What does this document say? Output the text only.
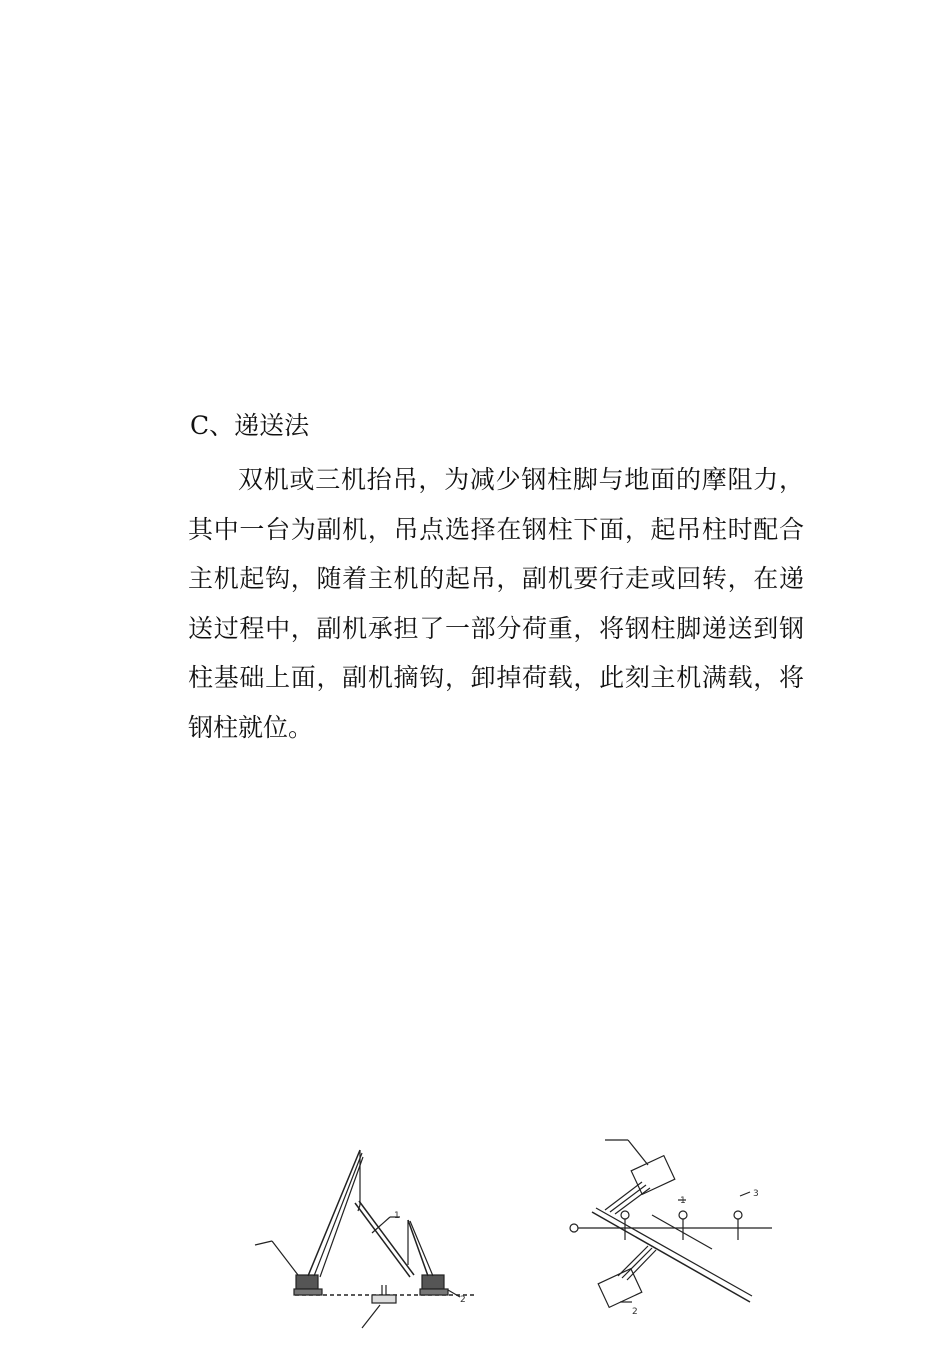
C、递送法
双机或三机抬吊，为减少钢柱脚与地面的摩阻力，其中一台为副机，吊点选择在钢柱下面，起吊柱时配合主机起钩，随着主机的起吊，副机要行走或回转，在递送过程中，副机承担了一部分荷重，将钢柱脚递送到钢柱基础上面，副机摘钩，卸掉荷载，此刻主机满载，将钢柱就位。
1
2
1
2
3
